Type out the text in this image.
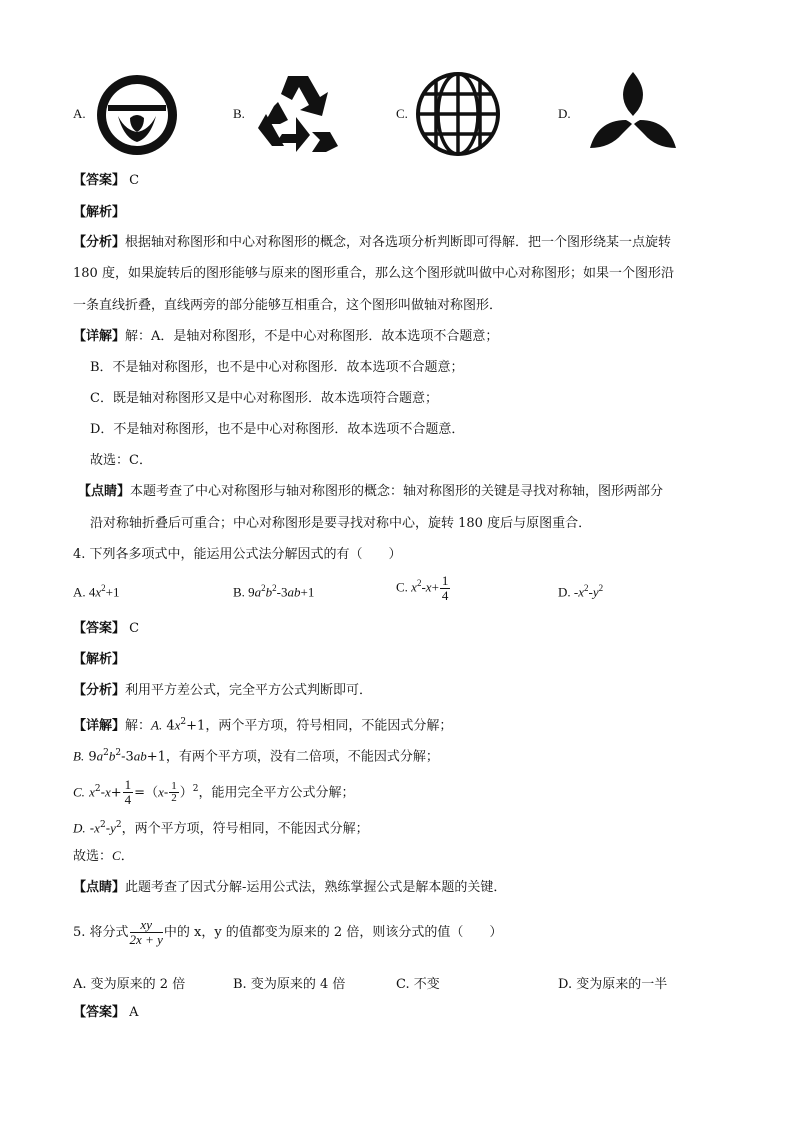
A.	B.	C.	D.
【答案】 C
【解析】
【分析】根据轴对称图形和中心对称图形的概念，对各选项分析判断即可得解．把一个图形绕某一点旋转
180 度，如果旋转后的图形能够与原来的图形重合，那么这个图形就叫做中心对称图形；如果一个图形沿
一条直线折叠，直线两旁的部分能够互相重合，这个图形叫做轴对称图形．
【详解】解：A．是轴对称图形，不是中心对称图形．故本选项不合题意；
B．不是轴对称图形，也不是中心对称图形．故本选项不合题意；
C．既是轴对称图形又是中心对称图形．故本选项符合题意；
D．不是轴对称图形，也不是中心对称图形．故本选项不合题意．
故选：C．
【点睛】本题考查了中心对称图形与轴对称图形的概念：轴对称图形的关键是寻找对称轴，图形两部分
沿对称轴折叠后可重合；中心对称图形是要寻找对称中心，旋转 180 度后与原图重合．
4. 下列各多项式中，能运用公式法分解因式的有（　　）
A. $4x^2+1$	B. $9a^2b^2-3ab+1$	C. $x^2-x+ \frac{1}{4}$	D. $-x^2-y^2$
【答案】 C
【解析】
【分析】利用平方差公式，完全平方公式判断即可．
【详解】解：A. $4x^2+1$，两个平方项，符号相同，不能因式分解；
B. $9a^2b^2-3ab+1$，有两个平方项，没有二倍项，不能因式分解；
C. $x^2-x+ \frac{1}{4} =(x- \frac{1}{2} )^2$，能用完全平方公式分解；
D. $-x^2-y^2$，两个平方项，符号相同，不能因式分解；
故选：C．
【点睛】此题考查了因式分解-运用公式法，熟练掌握公式是解本题的关键．
5. 将分式 $\frac{xy}{2x + y}$ 中的 x，y 的值都变为原来的 2 倍，则该分式的值（　　）
A. 变为原来的 2 倍	B. 变为原来的 4 倍	C. 不变	D. 变为原来的一半
【答案】 A
